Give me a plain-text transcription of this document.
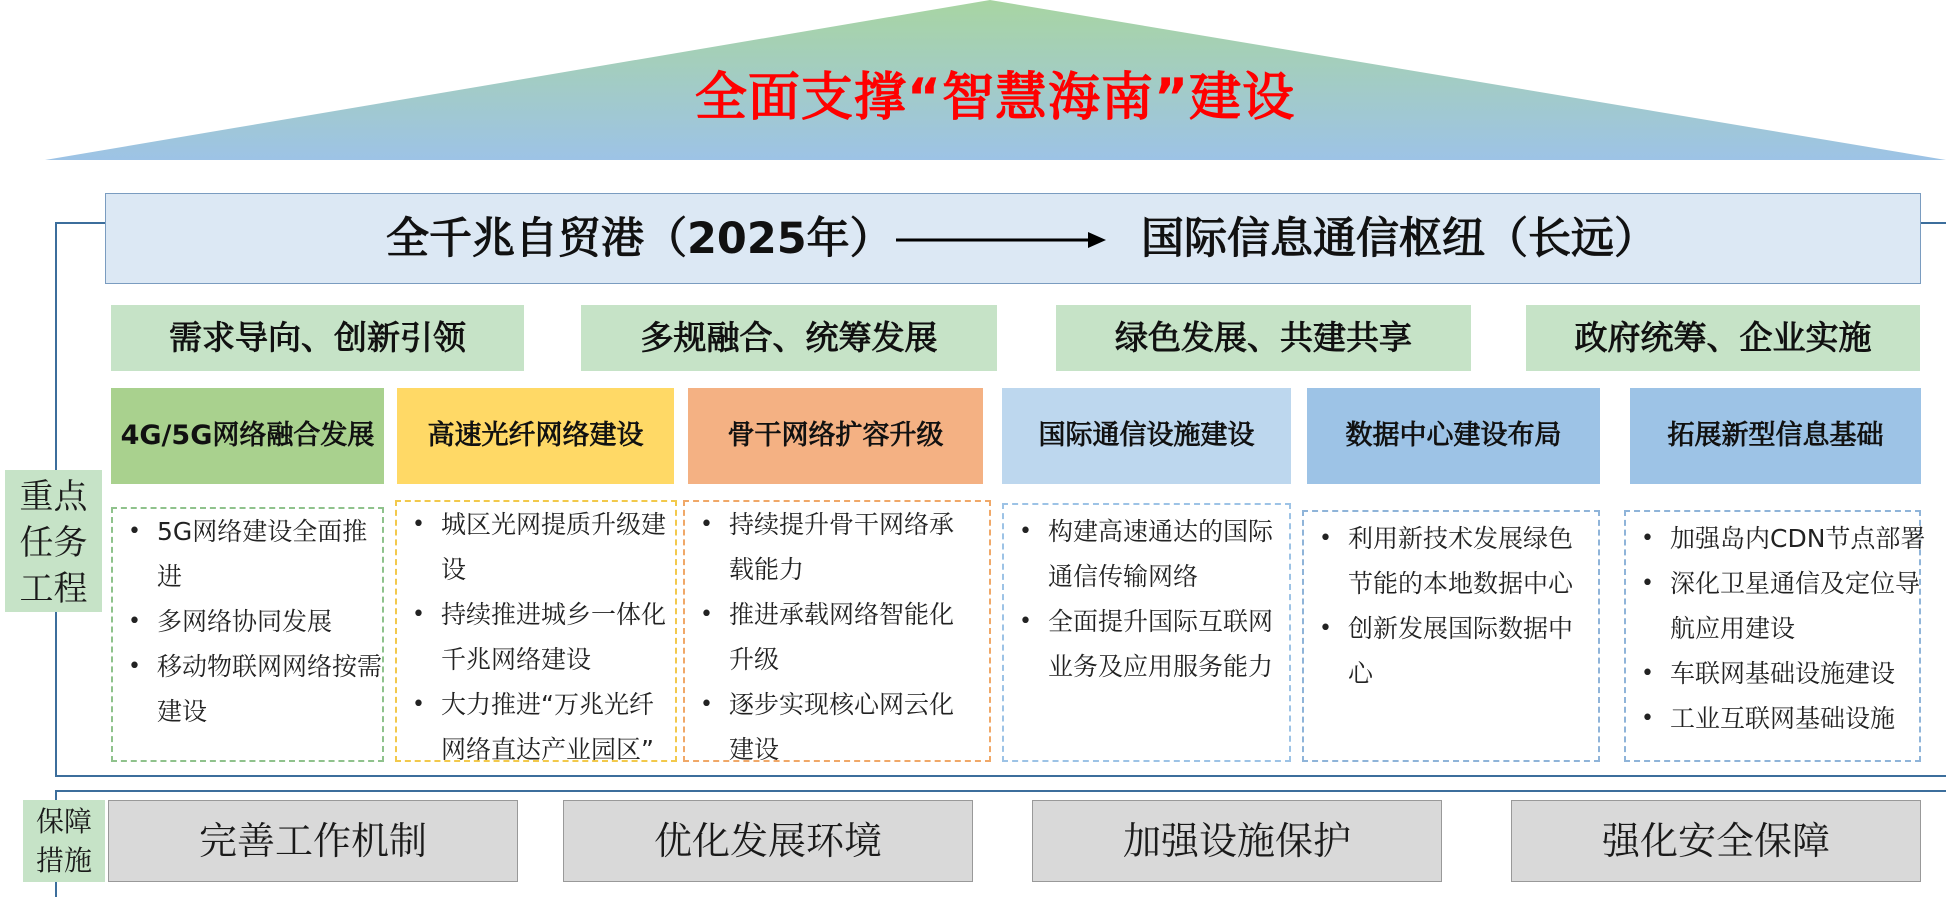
全面支撑“智慧海南”建设
全千兆自贸港（2025年）	国际信息通信枢纽（长远）
需求导向、创新引领	多规融合、统筹发展	绿色发展、共建共享	政府统筹、企业实施
重点
任务
工程
4G/5G网络融合发展
• 5G网络建设全面推
进
• 多网络协同发展
• 移动物联网网络按需
建设
高速光纤网络建设
• 城区光网提质升级建
设
• 持续推进城乡一体化
千兆网络建设
• 大力推进“万兆光纤
网络直达产业园区”
骨干网络扩容升级
• 持续提升骨干网络承
载能力
• 推进承载网络智能化
升级
• 逐步实现核心网云化
建设
国际通信设施建设
• 构建高速通达的国际
通信传输网络
• 全面提升国际互联网
业务及应用服务能力
数据中心建设布局
• 利用新技术发展绿色
节能的本地数据中心
• 创新发展国际数据中
心
拓展新型信息基础
• 加强岛内CDN节点部署
• 深化卫星通信及定位导
航应用建设
• 车联网基础设施建设
• 工业互联网基础设施
保障
措施	完善工作机制	优化发展环境	加强设施保护	强化安全保障
